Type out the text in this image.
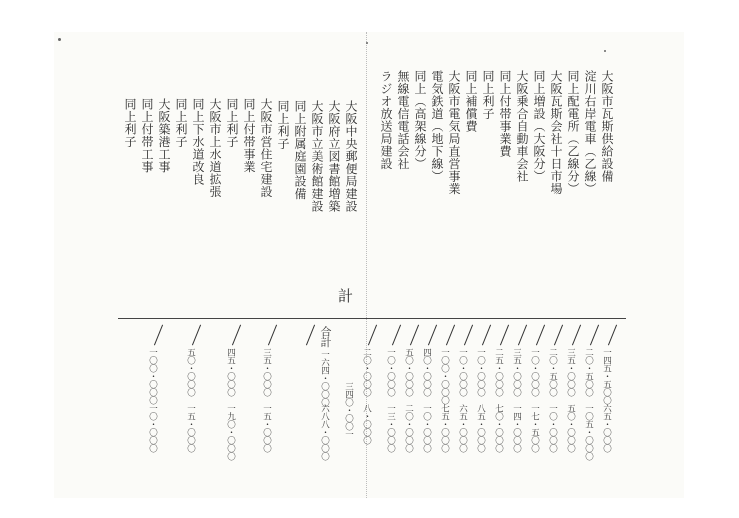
大阪市瓦斯供給設備
淀川右岸電車（乙線）
同上配電所（乙線分）
大阪瓦斯会社十日市場
同上増設（大阪分）
大阪乗合自動車会社
同上付帯事業費
同上利子
同上補償費
大阪市電気局直営事業
電気鉄道（地下線）
同上（高架線分）
無線電信電話会社
ラジオ放送局建設
大阪中央郵便局建設
大阪府立図書館増築
大阪市立美術館建設
同上附属庭園設備
同上利子
大阪市営住宅建設
同上付帯事業
同上利子
大阪市上水道拡張
同上下水道改良
同上利子
大阪築港工事
同上付帯工事
同上利子
計
一四五・五〇〇
六五・〇〇〇
二〇・五〇〇
一〇五・〇〇〇
三五・〇〇〇
五〇・〇〇〇
二〇・五〇〇
一〇・〇〇〇
一〇・〇〇〇
一七・五〇〇
三五・〇〇〇
一四・〇〇〇
二五・〇〇〇
七〇・〇〇〇
一〇・〇〇〇
八五・〇〇〇
一〇・〇〇〇
六五・〇〇〇
一〇〇・〇〇〇
七五・〇〇〇
四〇・〇〇〇
一〇・〇〇〇
五〇・〇〇〇
二〇・〇〇〇
一〇・〇〇〇
一三・〇〇〇
二〇・〇〇〇
八・〇〇〇
合計
一六四・〇〇〇
六八八・〇〇〇
三五・〇〇〇
一五・〇〇〇
四五・〇〇〇
一九〇・〇〇〇
五〇・〇〇〇
一五・〇〇〇
一〇〇・〇〇〇
一〇・〇〇〇	三四〇・〇〇一
